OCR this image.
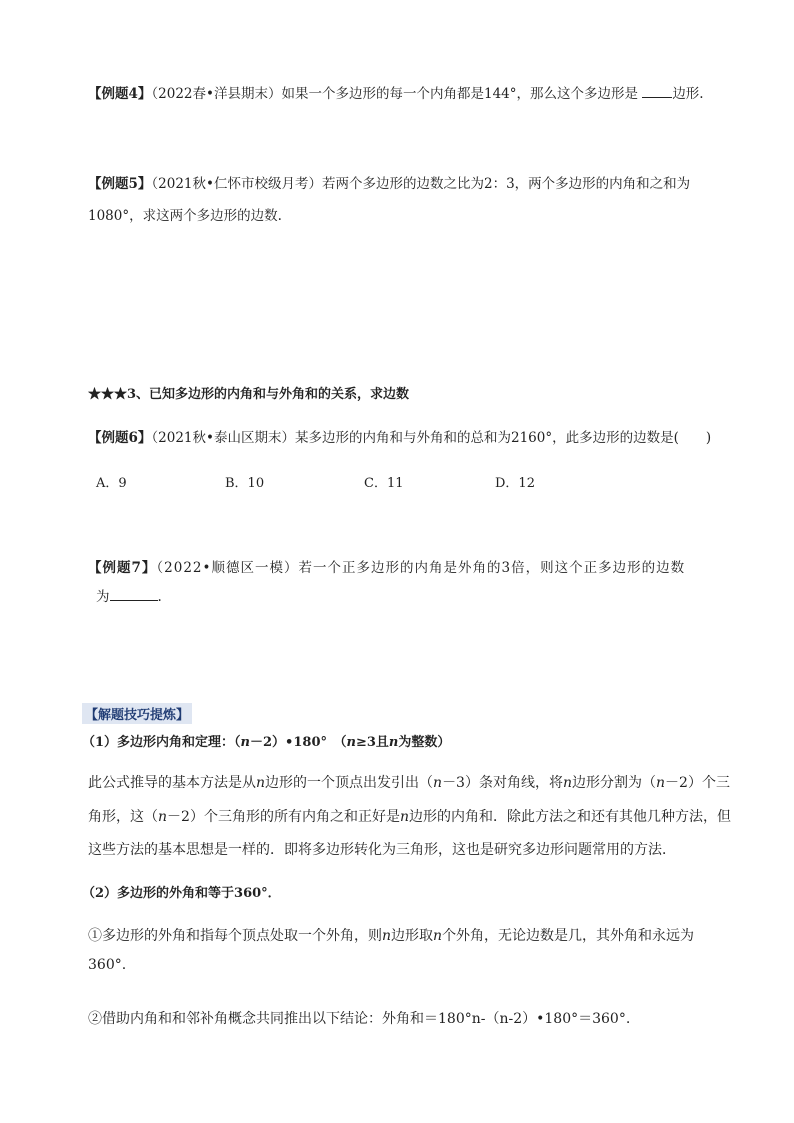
【例题4】（2022春•洋县期末）如果一个多边形的每一个内角都是144°，那么这个多边形是	边形.
【例题5】（2021秋•仁怀市校级月考）若两个多边形的边数之比为2：3，两个多边形的内角和之和为
1080°，求这两个多边形的边数.
★★★3、已知多边形的内角和与外角和的关系，求边数
【例题6】（2021秋•泰山区期末）某多边形的内角和与外角和的总和为2160°，此多边形的边数是(　　)
A．9	B．10	C．11	D．12
【例题7】（2022•顺德区一模）若一个正多边形的内角是外角的3倍，则这个正多边形的边数
为	.
【解题技巧提炼】
（1）多边形内角和定理：（n－2）•180°　（n≥3且n为整数）
此公式推导的基本方法是从n边形的一个顶点出发引出（n－3）条对角线，将n边形分割为（n－2）个三
角形，这（n－2）个三角形的所有内角之和正好是n边形的内角和．除此方法之和还有其他几种方法，但
这些方法的基本思想是一样的．即将多边形转化为三角形，这也是研究多边形问题常用的方法．
（2）多边形的外角和等于360°．
①多边形的外角和指每个顶点处取一个外角，则n边形取n个外角，无论边数是几，其外角和永远为
360°.
②借助内角和和邻补角概念共同推出以下结论：外角和＝180°n-（n-2）•180°＝360°.
